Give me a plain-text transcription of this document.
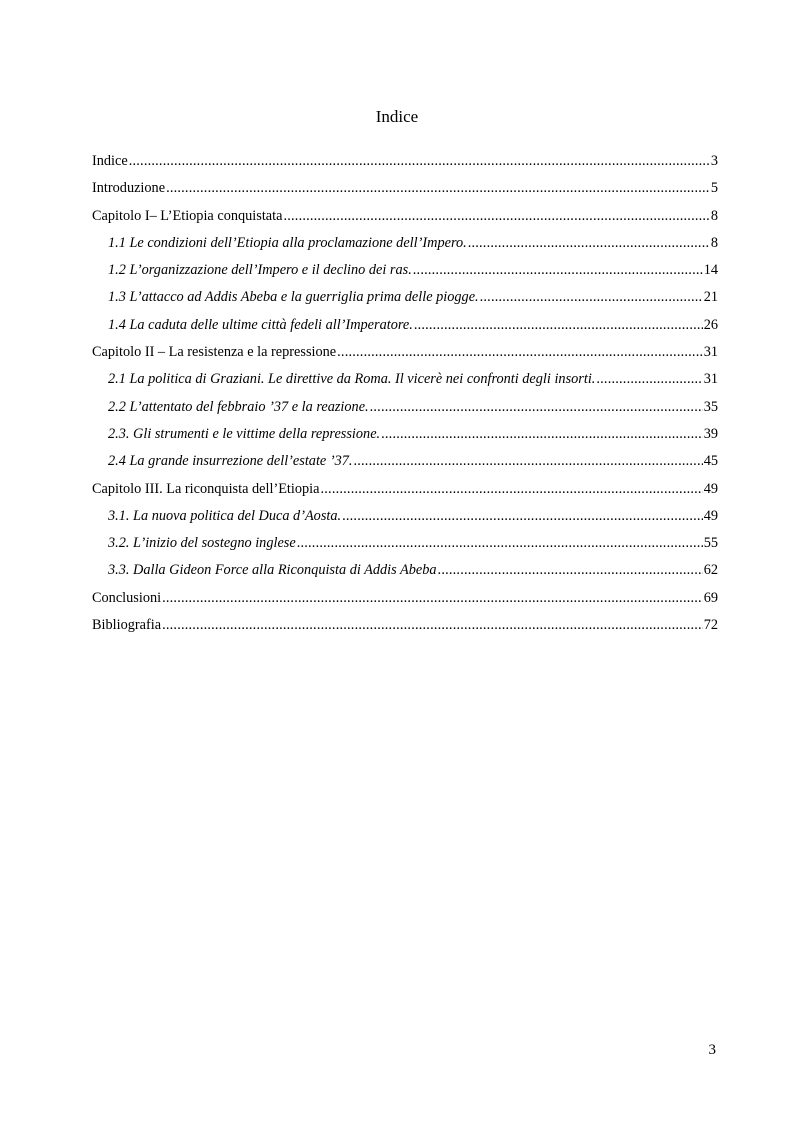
Indice
Indice .....	3
Introduzione .....	5
Capitolo I– L’Etiopia conquistata .....	8
1.1 Le condizioni dell’Etiopia alla proclamazione dell’Impero. .....	8
1.2 L’organizzazione dell’Impero e il declino dei ras. .....	14
1.3 L’attacco ad Addis Abeba e la guerriglia prima delle piogge. .....	21
1.4 La caduta delle ultime città fedeli all’Imperatore. .....	26
Capitolo II – La resistenza e la repressione .....	31
2.1 La politica di Graziani. Le direttive da Roma. Il vicerè nei confronti degli insorti. .....	31
2.2 L’attentato del febbraio ’37 e la reazione. .....	35
2.3. Gli strumenti e le vittime della repressione. .....	39
2.4 La grande insurrezione dell’estate ’37. .....	45
Capitolo III. La riconquista dell’Etiopia .....	49
3.1. La nuova politica del Duca d’Aosta. .....	49
3.2. L’inizio del sostegno inglese .....	55
3.3. Dalla Gideon Force alla Riconquista di Addis Abeba .....	62
Conclusioni .....	69
Bibliografia .....	72
3
